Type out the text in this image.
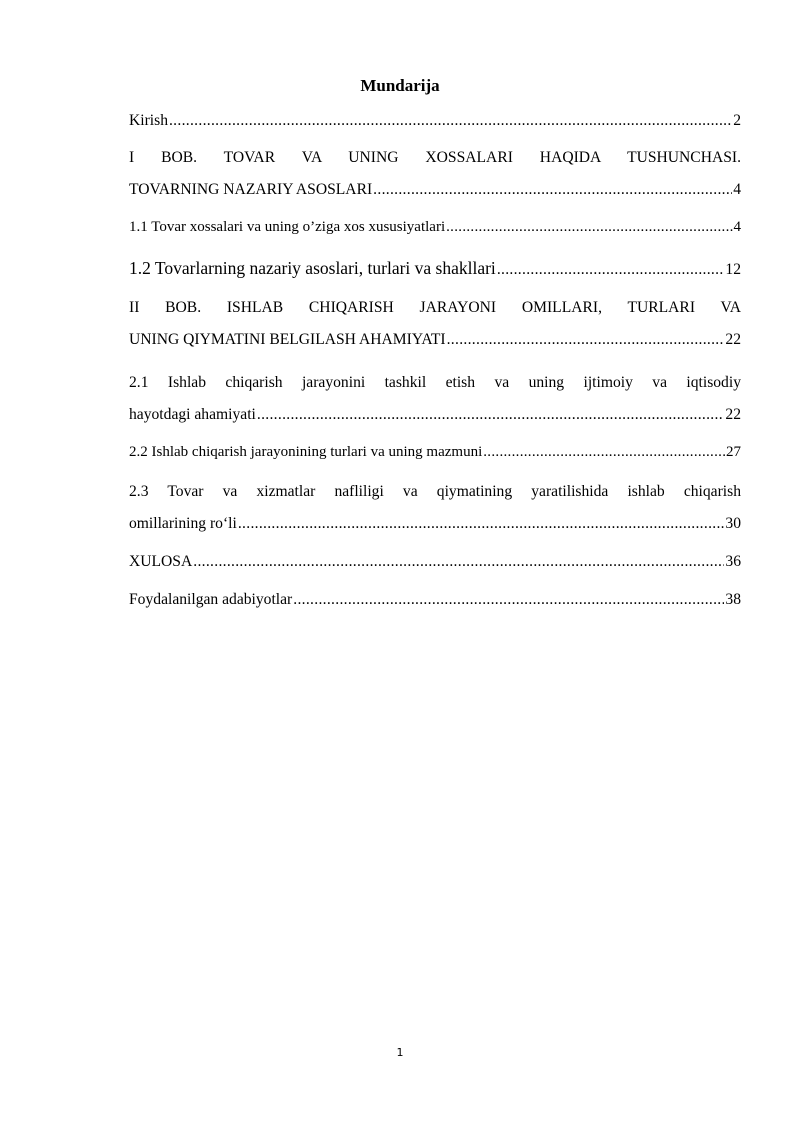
Mundarija
Kirish .....	2
I BOB. TOVAR VA UNING XOSSALARI HAQIDA TUSHUNCHASI.
TOVARNING NAZARIY ASOSLARI .....	4
1.1 Tovar xossalari va uning o’ziga xos xususiyatlari .....	4
1.2 Tovarlarning nazariy asoslari, turlari va shakllari .....	12
II BOB. ISHLAB CHIQARISH JARAYONI OMILLARI, TURLARI VA
UNING QIYMATINI BELGILASH AHAMIYATI .....	22
2.1 Ishlab chiqarish jarayonini tashkil etish va uning ijtimoiy va iqtisodiy
hayotdagi ahamiyati .....	22
2.2 Ishlab chiqarish jarayonining turlari va uning mazmuni .....	27
2.3 Tovar va xizmatlar nafliligi va qiymatining yaratilishida ishlab chiqarish
omillarining ro‘li .....	30
XULOSA .....	36
Foydalanilgan adabiyotlar .....	38
1
